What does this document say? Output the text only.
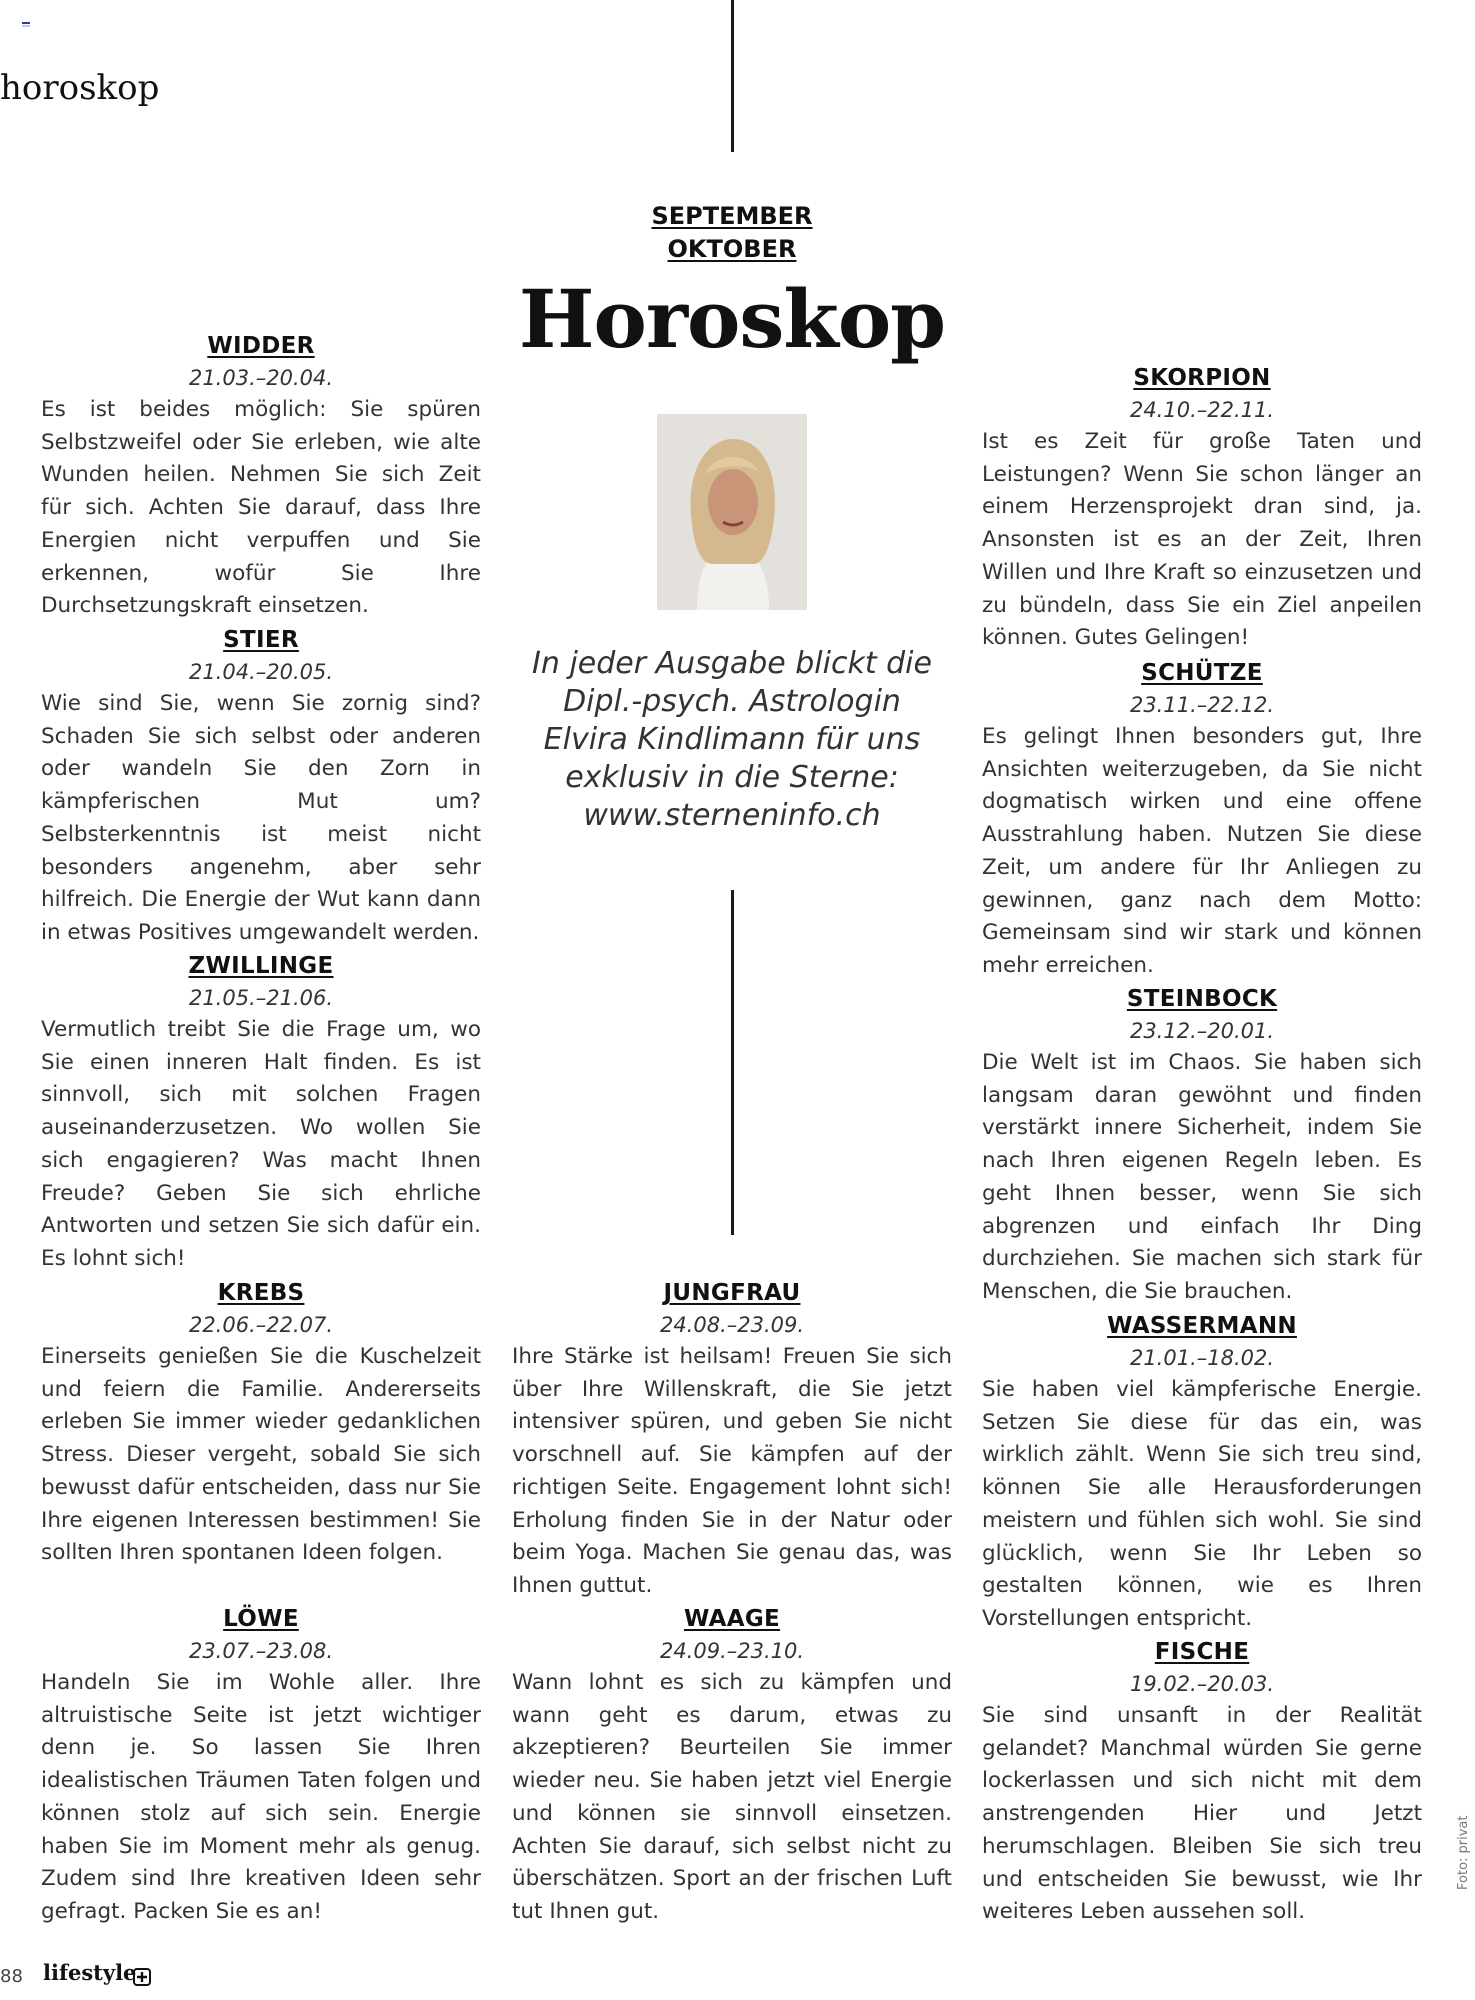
horoskop
SEPTEMBER
OKTOBER
Horoskop
In jeder Ausgabe blickt die
Dipl.-psych. Astrologin
Elvira Kindlimann für uns
exklusiv in die Sterne:
www.sterneninfo.ch
WIDDER
21.03.–20.04.

Es ist beides möglich: Sie spüren Selbstzweifel oder Sie erleben, wie alte Wunden heilen. Nehmen Sie sich Zeit für sich. Achten Sie darauf, dass Ihre Energien nicht verpuffen und Sie erkennen, wofür Sie Ihre Durchsetzungskraft einsetzen.

STIER
21.04.–20.05.

Wie sind Sie, wenn Sie zornig sind? Schaden Sie sich selbst oder anderen oder wandeln Sie den Zorn in kämpferischen Mut um? Selbsterkenntnis ist meist nicht besonders angenehm, aber sehr hilfreich. Die Energie der Wut kann dann in etwas Positives umgewandelt werden.

ZWILLINGE
21.05.–21.06.

Vermutlich treibt Sie die Frage um, wo Sie einen inneren Halt finden. Es ist sinnvoll, sich mit solchen Fragen auseinanderzusetzen. Wo wollen Sie sich engagieren? Was macht Ihnen Freude? Geben Sie sich ehrliche Antworten und setzen Sie sich dafür ein. Es lohnt sich!

KREBS
22.06.–22.07.

Einerseits genießen Sie die Kuschelzeit und feiern die Familie. Andererseits erleben Sie immer wieder gedanklichen Stress. Dieser vergeht, sobald Sie sich bewusst dafür entscheiden, dass nur Sie Ihre eigenen Interessen bestimmen! Sie sollten Ihren spontanen Ideen folgen.

LÖWE
23.07.–23.08.

Handeln Sie im Wohle aller. Ihre altruistische Seite ist jetzt wichtiger denn je. So lassen Sie Ihren idealistischen Träumen Taten folgen und können stolz auf sich sein. Energie haben Sie im Moment mehr als genug. Zudem sind Ihre kreativen Ideen sehr gefragt. Packen Sie es an!

JUNGFRAU
24.08.–23.09.

Ihre Stärke ist heilsam! Freuen Sie sich über Ihre Willenskraft, die Sie jetzt intensiver spüren, und geben Sie nicht vorschnell auf. Sie kämpfen auf der richtigen Seite. Engagement lohnt sich! Erholung finden Sie in der Natur oder beim Yoga. Machen Sie genau das, was Ihnen guttut.

WAAGE
24.09.–23.10.

Wann lohnt es sich zu kämpfen und wann geht es darum, etwas zu akzeptieren? Beurteilen Sie immer wieder neu. Sie haben jetzt viel Energie und können sie sinnvoll einsetzen. Achten Sie darauf, sich selbst nicht zu überschätzen. Sport an der frischen Luft tut Ihnen gut.

SKORPION
24.10.–22.11.

Ist es Zeit für große Taten und Leistungen? Wenn Sie schon länger an einem Herzensprojekt dran sind, ja. Ansonsten ist es an der Zeit, Ihren Willen und Ihre Kraft so einzusetzen und zu bündeln, dass Sie ein Ziel anpeilen können. Gutes Gelingen!

SCHÜTZE
23.11.–22.12.

Es gelingt Ihnen besonders gut, Ihre Ansichten weiterzugeben, da Sie nicht dogmatisch wirken und eine offene Ausstrahlung haben. Nutzen Sie diese Zeit, um andere für Ihr Anliegen zu gewinnen, ganz nach dem Motto: Gemeinsam sind wir stark und können mehr erreichen.

STEINBOCK
23.12.–20.01.

Die Welt ist im Chaos. Sie haben sich langsam daran gewöhnt und finden verstärkt innere Sicherheit, indem Sie nach Ihren eigenen Regeln leben. Es geht Ihnen besser, wenn Sie sich abgrenzen und einfach Ihr Ding durchziehen. Sie machen sich stark für Menschen, die Sie brauchen.

WASSERMANN
21.01.–18.02.

Sie haben viel kämpferische Energie. Setzen Sie diese für das ein, was wirklich zählt. Wenn Sie sich treu sind, können Sie alle Herausforderungen meistern und fühlen sich wohl. Sie sind glücklich, wenn Sie Ihr Leben so gestalten können, wie es Ihren Vorstellungen entspricht.

FISCHE
19.02.–20.03.

Sie sind unsanft in der Realität gelandet? Manchmal würden Sie gerne lockerlassen und sich nicht mit dem anstrengenden Hier und Jetzt herumschlagen. Bleiben Sie sich treu und entscheiden Sie bewusst, wie Ihr weiteres Leben aussehen soll.

Foto: privat
88 lifestyle
